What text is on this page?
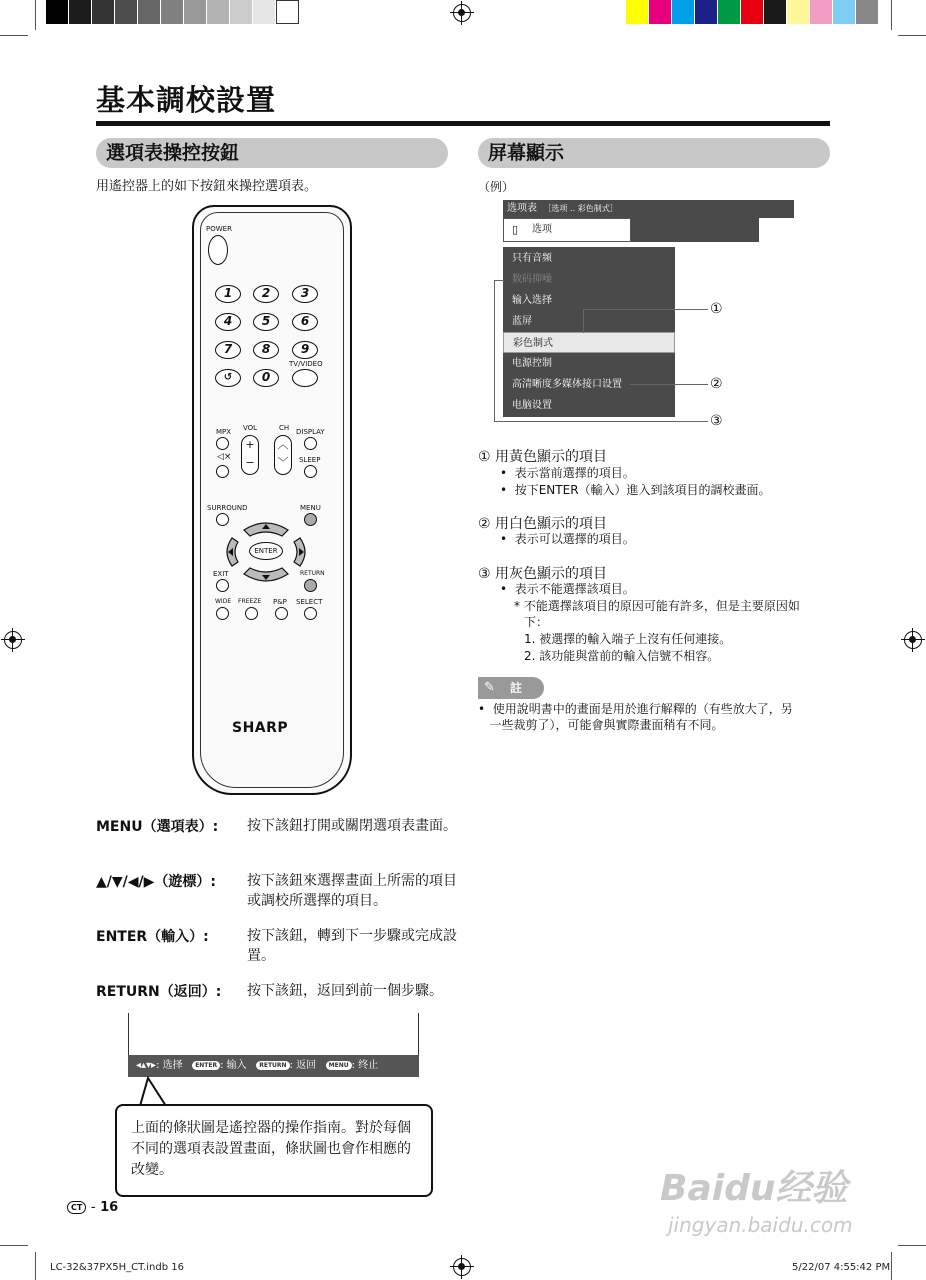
基本調校設置
選項表操控按鈕
用遙控器上的如下按鈕來操控選項表。
POWER
1	2	3
4	5	6
7	8	9
TV/VIDEO
↺	0
MPX VOL	CH DISPLAY
+
−
︿
﹀
◁×	SLEEP
SURROUND	MENU
ENTER
EXIT	RETURN
WIDE FREEZE P&P SELECT
SHARP
MENU（選項表）: 按下該鈕打開或關閉選項表畫面。
▲/▼/◀/▶（遊標）: 按下該鈕來選擇畫面上所需的項目或調校所選擇的項目。
ENTER（輸入）:	按下該鈕，轉到下一步驟或完成設置。
RETURN（返回）: 按下該鈕，返回到前一個步驟。
◂▴▾▸: 选择 ENTER : 输入 RETURN : 返回 MENU : 终止
上面的條狀圖是遙控器的操作指南。對於每個不同的選項表設置畫面，條狀圖也會作相應的改變。
屏幕顯示
（例）
选项表 ［选项 ‥ 彩色制式］
▯ 选项
只有音频
数码抑噪
输入选择
蓝屏
彩色制式
电源控制
高清晰度多媒体接口设置
电脑设置
①
②
③
① 用黃色顯示的項目
•  表示當前選擇的項目。
•  按下ENTER（輸入）進入到該項目的調校畫面。
② 用白色顯示的項目
•  表示可以選擇的項目。
③ 用灰色顯示的項目
•  表示不能選擇該項目。
* 不能選擇該項目的原因可能有許多，但是主要原因如
下：
1. 被選擇的輸入端子上沒有任何連接。
2. 該功能與當前的輸入信號不相容。
✎ 註
•  使用說明書中的畫面是用於進行解釋的（有些放大了，另
一些裁剪了），可能會與實際畫面稍有不同。
CT - 16	Baidu经验
jingyan.baidu.com
LC-32&37PX5H_CT.indb 16	5/22/07 4:55:42 PM
